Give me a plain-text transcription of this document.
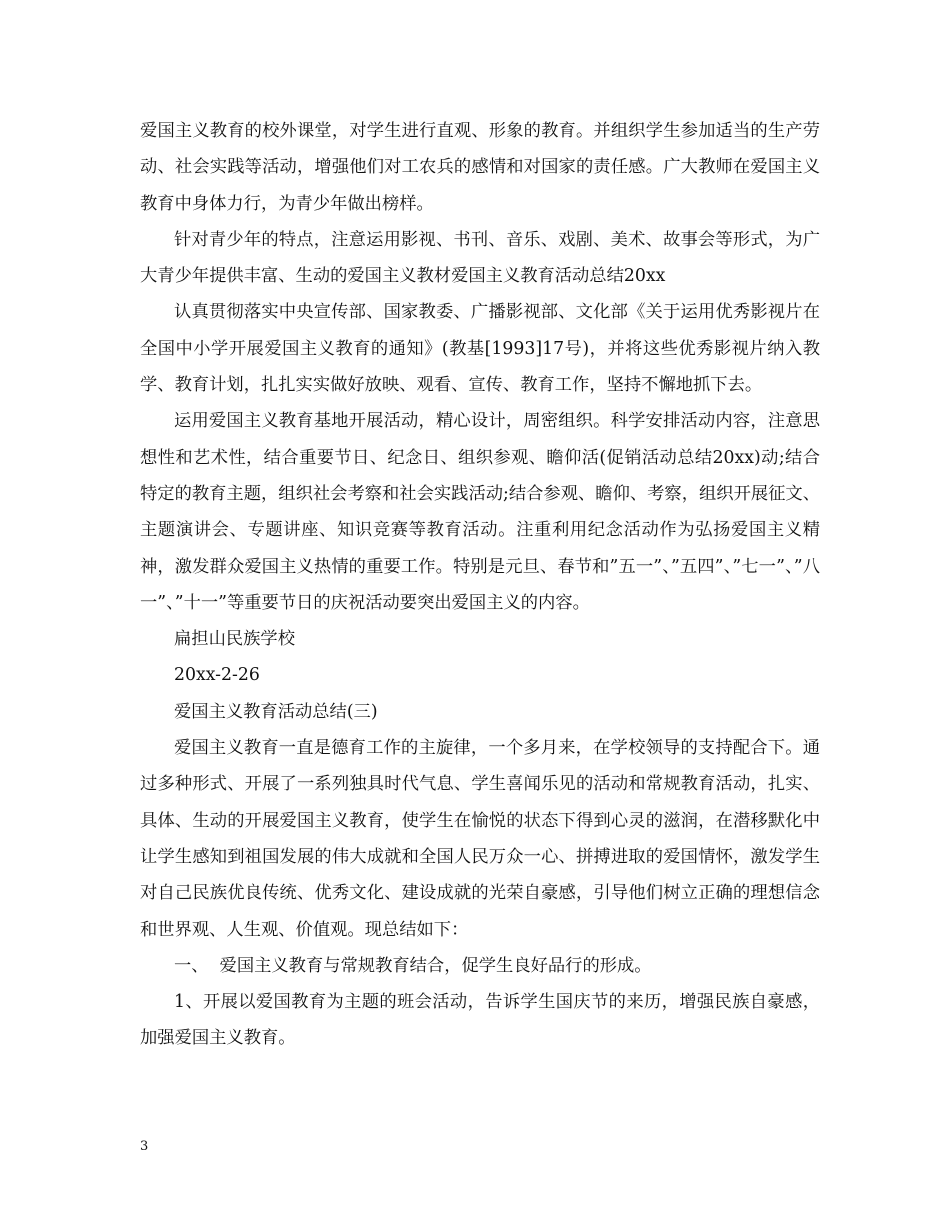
爱国主义教育的校外课堂，对学生进行直观、形象的教育。并组织学生参加适当的生产劳动、社会实践等活动，增强他们对工农兵的感情和对国家的责任感。广大教师在爱国主义教育中身体力行，为青少年做出榜样。

针对青少年的特点，注意运用影视、书刊、音乐、戏剧、美术、故事会等形式，为广大青少年提供丰富、生动的爱国主义教材爱国主义教育活动总结20xx

认真贯彻落实中央宣传部、国家教委、广播影视部、文化部《关于运用优秀影视片在全国中小学开展爱国主义教育的通知》(教基[1993]17号)，并将这些优秀影视片纳入教学、教育计划，扎扎实实做好放映、观看、宣传、教育工作，坚持不懈地抓下去。

运用爱国主义教育基地开展活动，精心设计，周密组织。科学安排活动内容，注意思想性和艺术性，结合重要节日、纪念日、组织参观、瞻仰活(促销活动总结20xx)动;结合特定的教育主题，组织社会考察和社会实践活动;结合参观、瞻仰、考察，组织开展征文、主题演讲会、专题讲座、知识竞赛等教育活动。注重利用纪念活动作为弘扬爱国主义精神，激发群众爱国主义热情的重要工作。特别是元旦、春节和”五一”、”五四”、”七一”、”八一”、”十一”等重要节日的庆祝活动要突出爱国主义的内容。

扁担山民族学校

20xx-2-26

爱国主义教育活动总结(三)

爱国主义教育一直是德育工作的主旋律，一个多月来，在学校领导的支持配合下。通过多种形式、开展了一系列独具时代气息、学生喜闻乐见的活动和常规教育活动，扎实、具体、生动的开展爱国主义教育，使学生在愉悦的状态下得到心灵的滋润，在潜移默化中让学生感知到祖国发展的伟大成就和全国人民万众一心、拼搏进取的爱国情怀，激发学生对自己民族优良传统、优秀文化、建设成就的光荣自豪感，引导他们树立正确的理想信念和世界观、人生观、价值观。现总结如下：

一、  爱国主义教育与常规教育结合，促学生良好品行的形成。

1、开展以爱国教育为主题的班会活动，告诉学生国庆节的来历，增强民族自豪感，加强爱国主义教育。

3
